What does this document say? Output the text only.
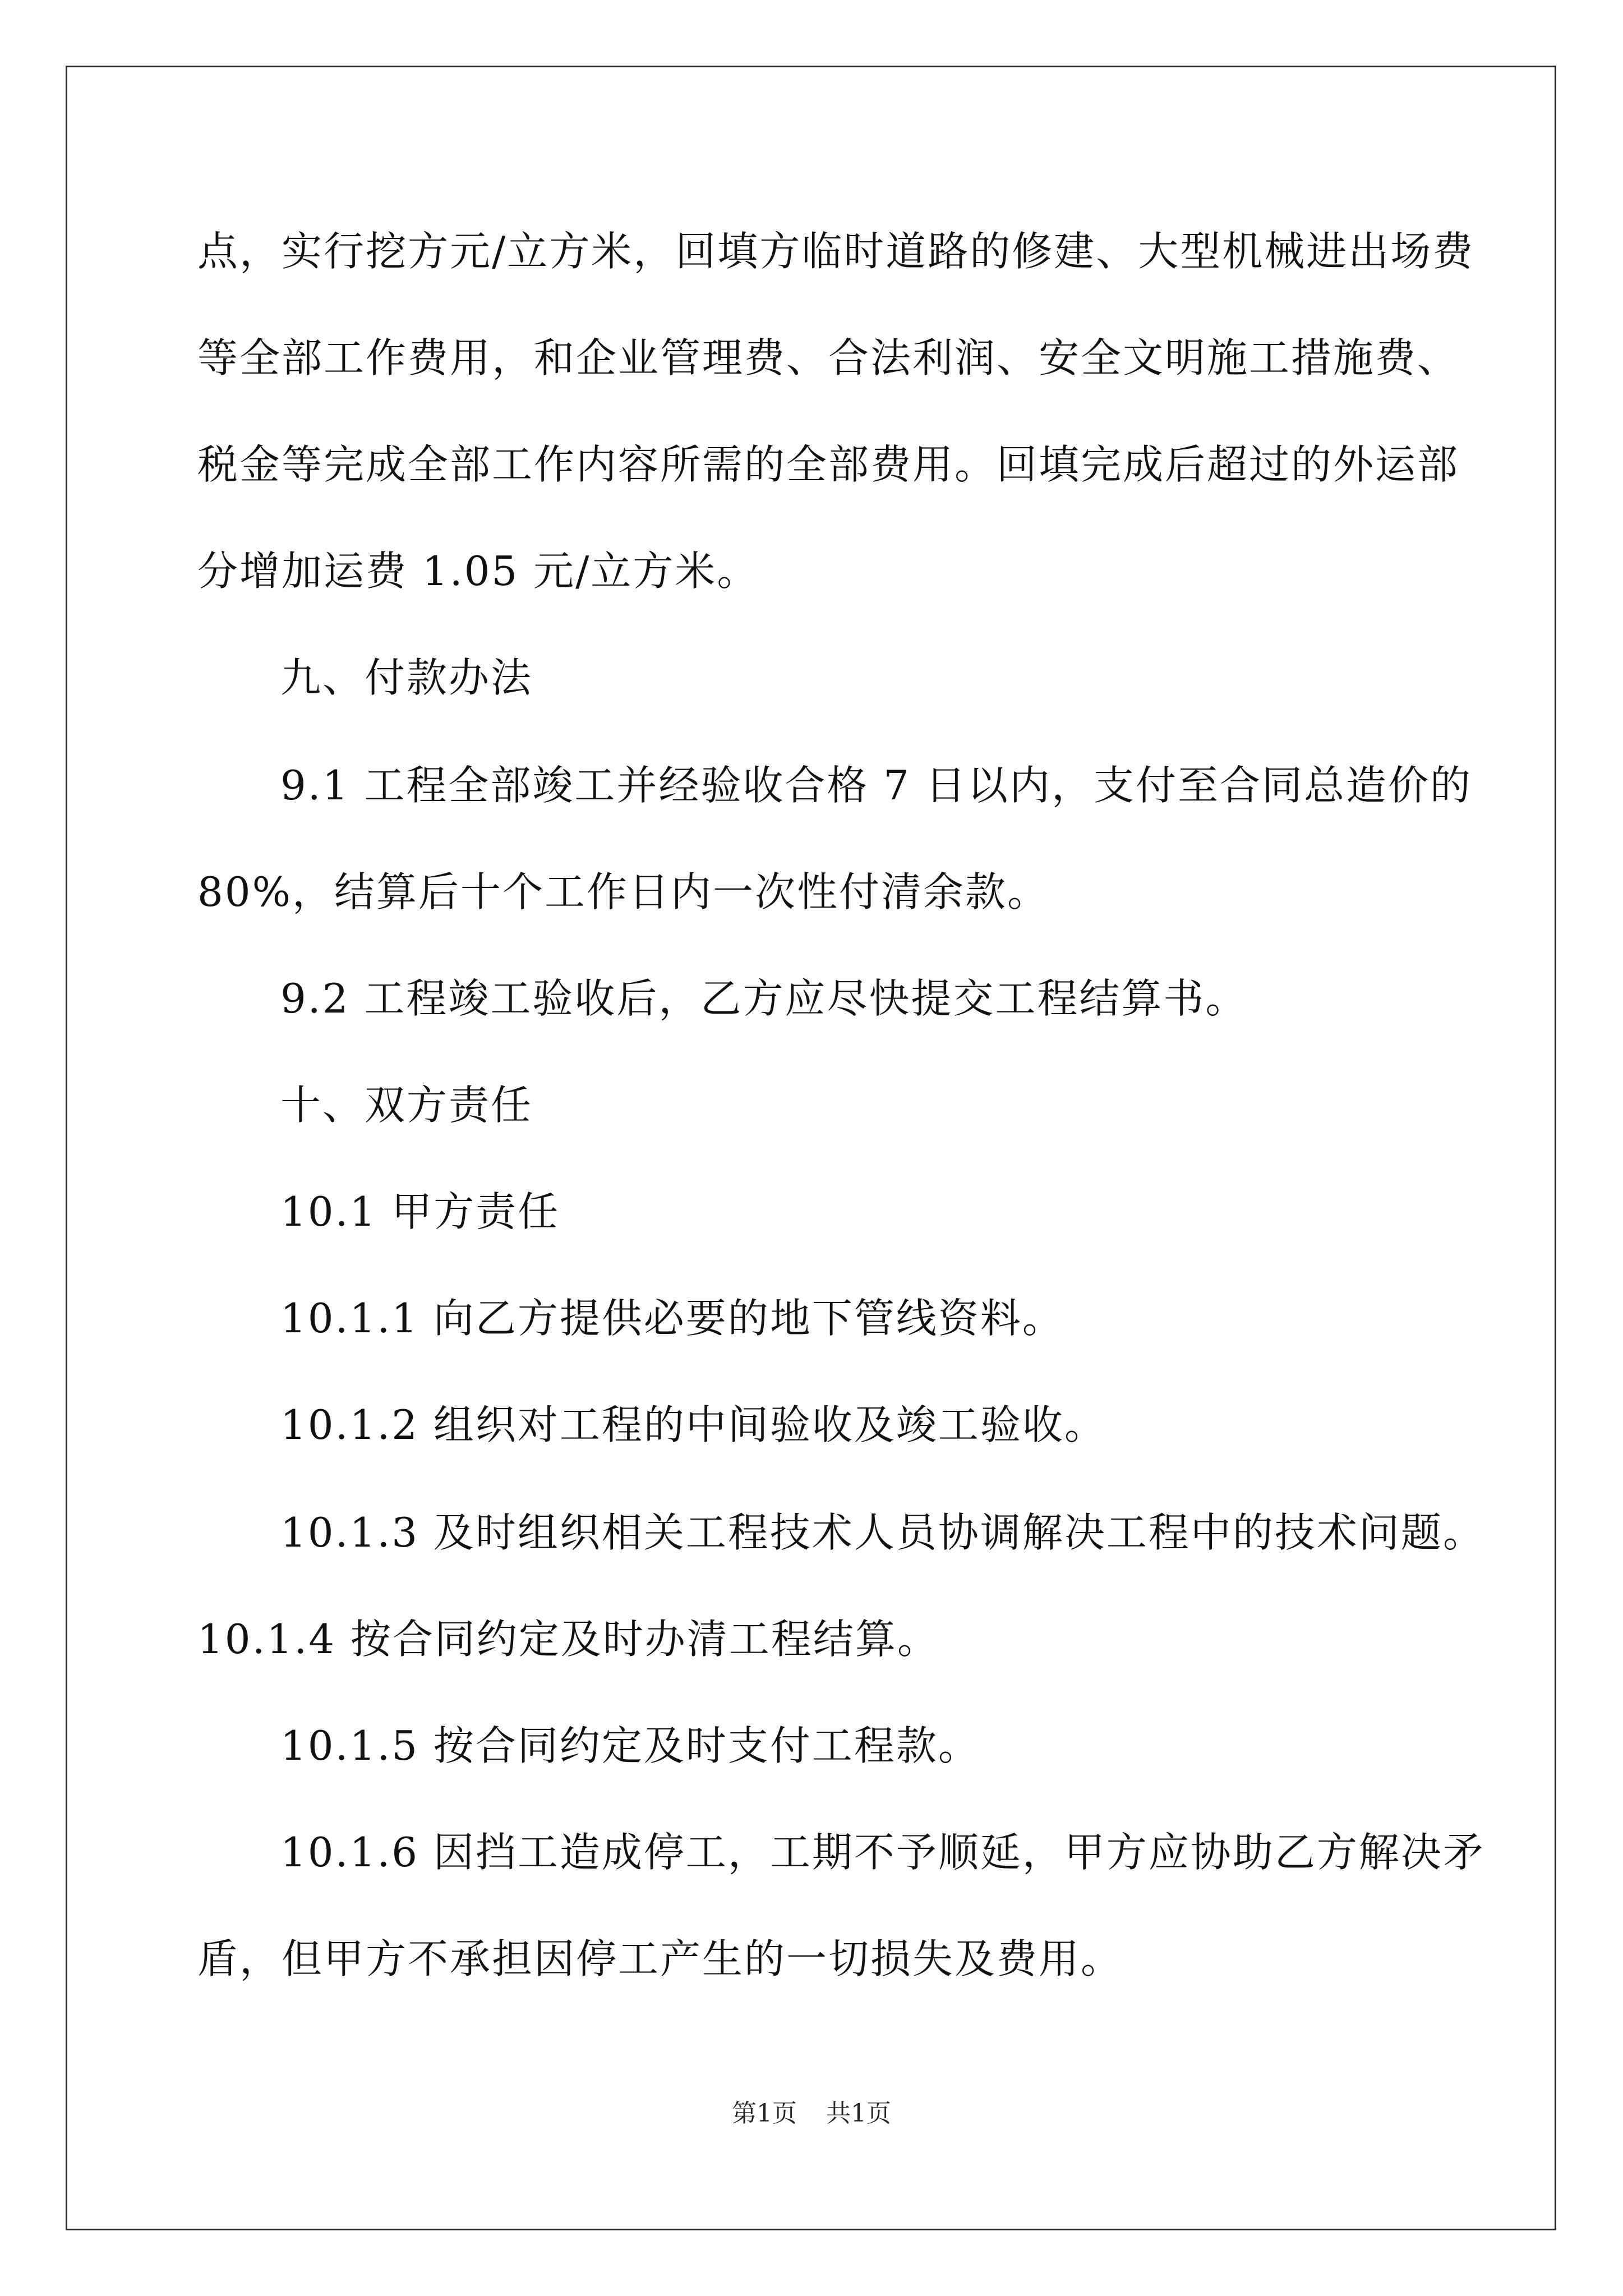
点，实行挖方元/立方米，回填方临时道路的修建、大型机械进出场费
等全部工作费用，和企业管理费、合法利润、安全文明施工措施费、
税金等完成全部工作内容所需的全部费用。回填完成后超过的外运部
分增加运费 1.05 元/立方米。
九、付款办法
9.1 工程全部竣工并经验收合格 7 日以内，支付至合同总造价的
80%，结算后十个工作日内一次性付清余款。
9.2 工程竣工验收后，乙方应尽快提交工程结算书。
十、双方责任
10.1 甲方责任
10.1.1 向乙方提供必要的地下管线资料。
10.1.2 组织对工程的中间验收及竣工验收。
10.1.3 及时组织相关工程技术人员协调解决工程中的技术问题。
10.1.4 按合同约定及时办清工程结算。
10.1.5 按合同约定及时支付工程款。
10.1.6 因挡工造成停工，工期不予顺延，甲方应协助乙方解决矛
盾，但甲方不承担因停工产生的一切损失及费用。
第1页 共1页
